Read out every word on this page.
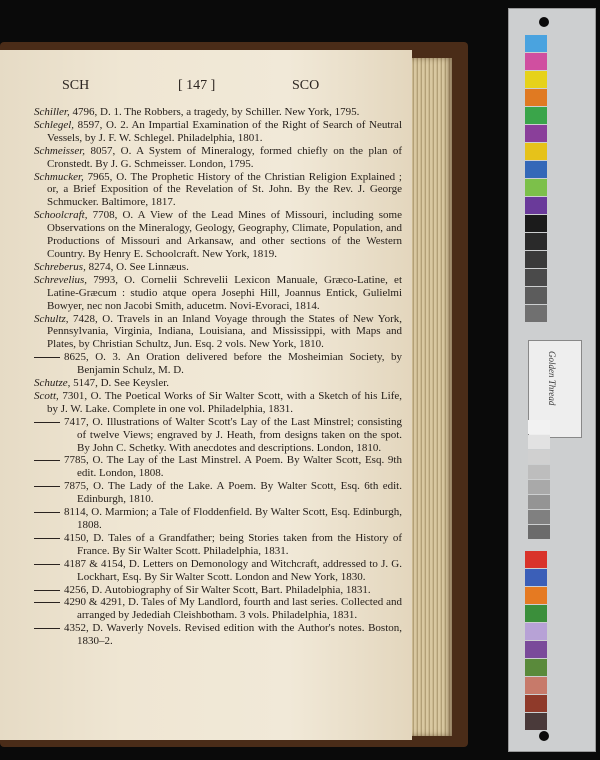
SCH	[ 147 ]	SCO
Schiller, 4796, D. 1. The Robbers, a tragedy, by Schiller. New York, 1795.
Schlegel, 8597, O. 2. An Impartial Examination of the Right of Search of Neutral Vessels, by J. F. W. Schlegel. Philadelphia, 1801.
Schmeisser, 8057, O. A System of Mineralogy, formed chiefly on the plan of Cronstedt. By J. G. Schmeisser. London, 1795.
Schmucker, 7965, O. The Prophetic History of the Christian Religion Explained ; or, a Brief Exposition of the Revelation of St. John. By the Rev. J. George Schmucker. Baltimore, 1817.
Schoolcraft, 7708, O. A View of the Lead Mines of Missouri, including some Observations on the Mineralogy, Geology, Geography, Climate, Population, and Productions of Missouri and Arkansaw, and other sections of the Western Country. By Henry E. Schoolcraft. New York, 1819.
Schreberus, 8274, O. See Linnæus.
Schrevelius, 7993, O. Cornelii Schrevelii Lexicon Manuale, Græco-Latine, et Latine-Græcum : studio atque opera Josephi Hill, Joannus Entick, Gulielmi Bowyer, nec non Jacobi Smith, aducetm. Novi-Evoraci, 1814.
Schultz, 7428, O. Travels in an Inland Voyage through the States of New York, Pennsylvania, Virginia, Indiana, Louisiana, and Mississippi, with Maps and Plates, by Christian Schultz, Jun. Esq. 2 vols. New York, 1810.
8625, O. 3. An Oration delivered before the Mosheimian Society, by Benjamin Schulz, M. D.
Schutze, 5147, D. See Keysler.
Scott, 7301, O. The Poetical Works of Sir Walter Scott, with a Sketch of his Life, by J. W. Lake. Complete in one vol. Philadelphia, 1831.
7417, O. Illustrations of Walter Scott's Lay of the Last Minstrel; consisting of twelve Views; engraved by J. Heath, from designs taken on the spot. By John C. Schetky. With anecdotes and descriptions. London, 1810.
7785, O. The Lay of the Last Minstrel. A Poem. By Walter Scott, Esq. 9th edit. London, 1808.
7875, O. The Lady of the Lake. A Poem. By Walter Scott, Esq. 6th edit. Edinburgh, 1810.
8114, O. Marmion; a Tale of Floddenfield. By Walter Scott, Esq. Edinburgh, 1808.
4150, D. Tales of a Grandfather; being Stories taken from the History of France. By Sir Walter Scott. Philadelphia, 1831.
4187 & 4154, D. Letters on Demonology and Witchcraft, addressed to J. G. Lockhart, Esq. By Sir Walter Scott. London and New York, 1830.
4256, D. Autobiography of Sir Walter Scott, Bart. Philadelphia, 1831.
4290 & 4291, D. Tales of My Landlord, fourth and last series. Collected and arranged by Jedediah Cleishbotham. 3 vols. Philadelphia, 1831.
4352, D. Waverly Novels. Revised edition with the Author's notes. Boston, 1830–2.
Golden Thread
